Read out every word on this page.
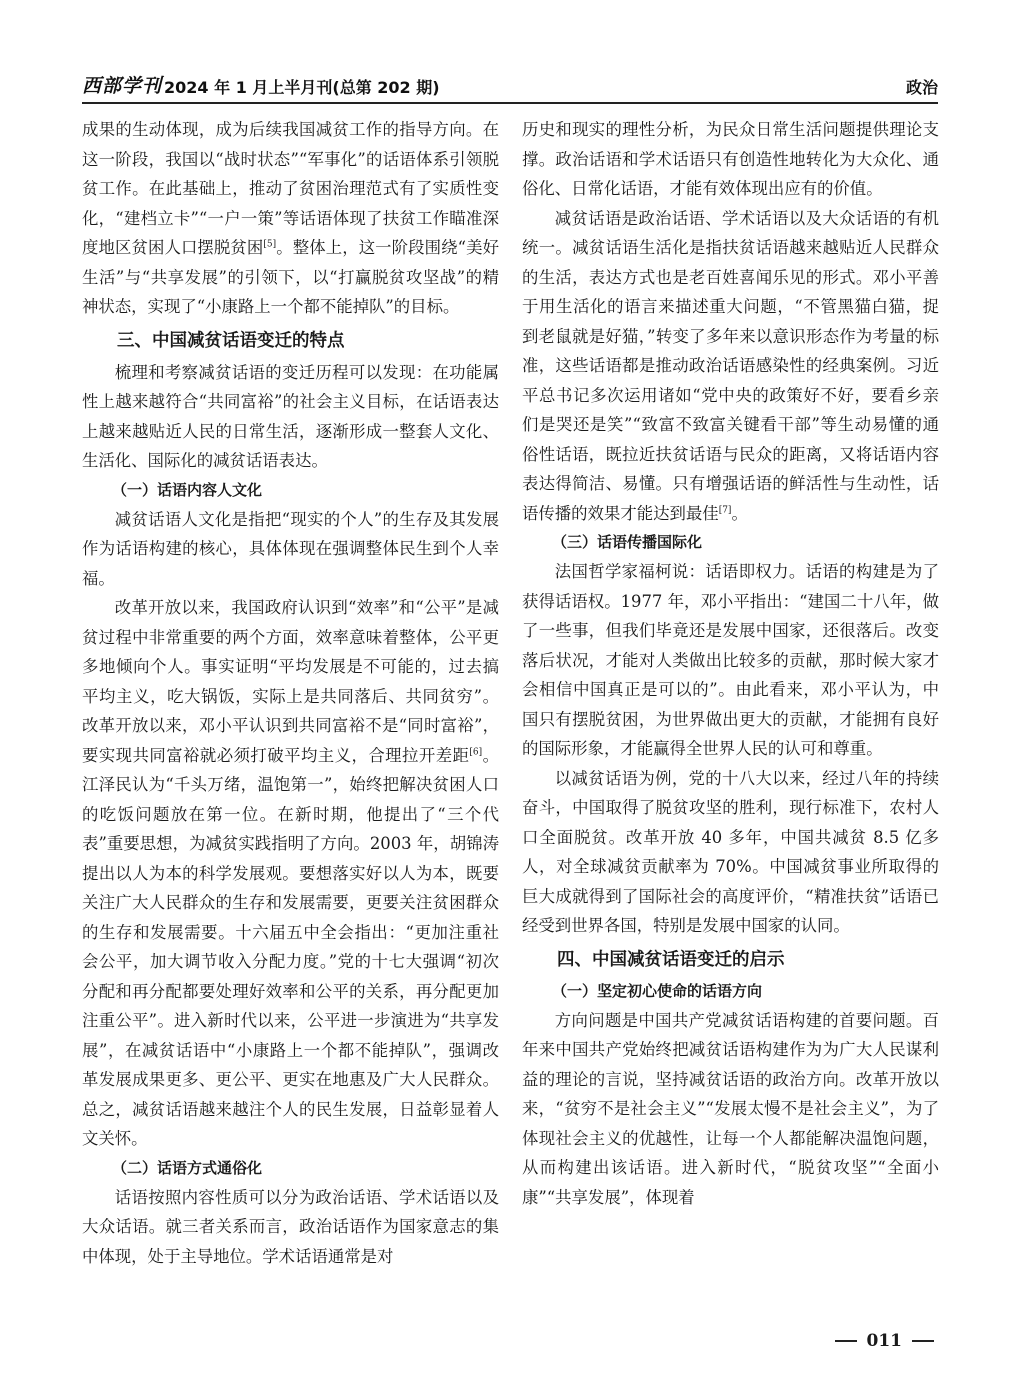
西部学刊 2024 年 1 月上半月刊(总第 202 期)	政治

成果的生动体现，成为后续我国减贫工作的指导方向。在这一阶段，我国以“战时状态”“军事化”的话语体系引领脱贫工作。在此基础上，推动了贫困治理范式有了实质性变化，“建档立卡”“一户一策”等话语体现了扶贫工作瞄准深度地区贫困人口摆脱贫困[5]。整体上，这一阶段围绕“美好生活”与“共享发展”的引领下，以“打赢脱贫攻坚战”的精神状态，实现了“小康路上一个都不能掉队”的目标。

三、中国减贫话语变迁的特点

梳理和考察减贫话语的变迁历程可以发现：在功能属性上越来越符合“共同富裕”的社会主义目标，在话语表达上越来越贴近人民的日常生活，逐渐形成一整套人文化、生活化、国际化的减贫话语表达。

（一）话语内容人文化

减贫话语人文化是指把“现实的个人”的生存及其发展作为话语构建的核心，具体体现在强调整体民生到个人幸福。

改革开放以来，我国政府认识到“效率”和“公平”是减贫过程中非常重要的两个方面，效率意味着整体，公平更多地倾向个人。事实证明“平均发展是不可能的，过去搞平均主义，吃大锅饭，实际上是共同落后、共同贫穷”。改革开放以来，邓小平认识到共同富裕不是“同时富裕”，要实现共同富裕就必须打破平均主义，合理拉开差距[6]。江泽民认为“千头万绪，温饱第一”，始终把解决贫困人口的吃饭问题放在第一位。在新时期，他提出了“三个代表”重要思想，为减贫实践指明了方向。2003 年，胡锦涛提出以人为本的科学发展观。要想落实好以人为本，既要关注广大人民群众的生存和发展需要，更要关注贫困群众的生存和发展需要。十六届五中全会指出：“更加注重社会公平，加大调节收入分配力度。”党的十七大强调“初次分配和再分配都要处理好效率和公平的关系，再分配更加注重公平”。进入新时代以来，公平进一步演进为“共享发展”，在减贫话语中“小康路上一个都不能掉队”，强调改革发展成果更多、更公平、更实在地惠及广大人民群众。总之，减贫话语越来越注个人的民生发展，日益彰显着人文关怀。

（二）话语方式通俗化

话语按照内容性质可以分为政治话语、学术话语以及大众话语。就三者关系而言，政治话语作为国家意志的集中体现，处于主导地位。学术话语通常是对

历史和现实的理性分析，为民众日常生活问题提供理论支撑。政治话语和学术话语只有创造性地转化为大众化、通俗化、日常化话语，才能有效体现出应有的价值。

减贫话语是政治话语、学术话语以及大众话语的有机统一。减贫话语生活化是指扶贫话语越来越贴近人民群众的生活，表达方式也是老百姓喜闻乐见的形式。邓小平善于用生活化的语言来描述重大问题，“不管黑猫白猫，捉到老鼠就是好猫，”转变了多年来以意识形态作为考量的标准，这些话语都是推动政治话语感染性的经典案例。习近平总书记多次运用诸如“党中央的政策好不好，要看乡亲们是哭还是笑”“致富不致富关键看干部”等生动易懂的通俗性话语，既拉近扶贫话语与民众的距离，又将话语内容表达得简洁、易懂。只有增强话语的鲜活性与生动性，话语传播的效果才能达到最佳[7]。

（三）话语传播国际化

法国哲学家福柯说：话语即权力。话语的构建是为了获得话语权。1977 年，邓小平指出：“建国二十八年，做了一些事，但我们毕竟还是发展中国家，还很落后。改变落后状况，才能对人类做出比较多的贡献，那时候大家才会相信中国真正是可以的”。由此看来，邓小平认为，中国只有摆脱贫困，为世界做出更大的贡献，才能拥有良好的国际形象，才能赢得全世界人民的认可和尊重。

以减贫话语为例，党的十八大以来，经过八年的持续奋斗，中国取得了脱贫攻坚的胜利，现行标准下，农村人口全面脱贫。改革开放 40 多年，中国共减贫 8.5 亿多人，对全球减贫贡献率为 70%。中国减贫事业所取得的巨大成就得到了国际社会的高度评价，“精准扶贫”话语已经受到世界各国，特别是发展中国家的认同。

四、中国减贫话语变迁的启示
（一）坚定初心使命的话语方向

方向问题是中国共产党减贫话语构建的首要问题。百年来中国共产党始终把减贫话语构建作为为广大人民谋利益的理论的言说，坚持减贫话语的政治方向。改革开放以来，“贫穷不是社会主义”“发展太慢不是社会主义”，为了体现社会主义的优越性，让每一个人都能解决温饱问题，从而构建出该话语。进入新时代，“脱贫攻坚”“全面小康”“共享发展”，体现着

011
